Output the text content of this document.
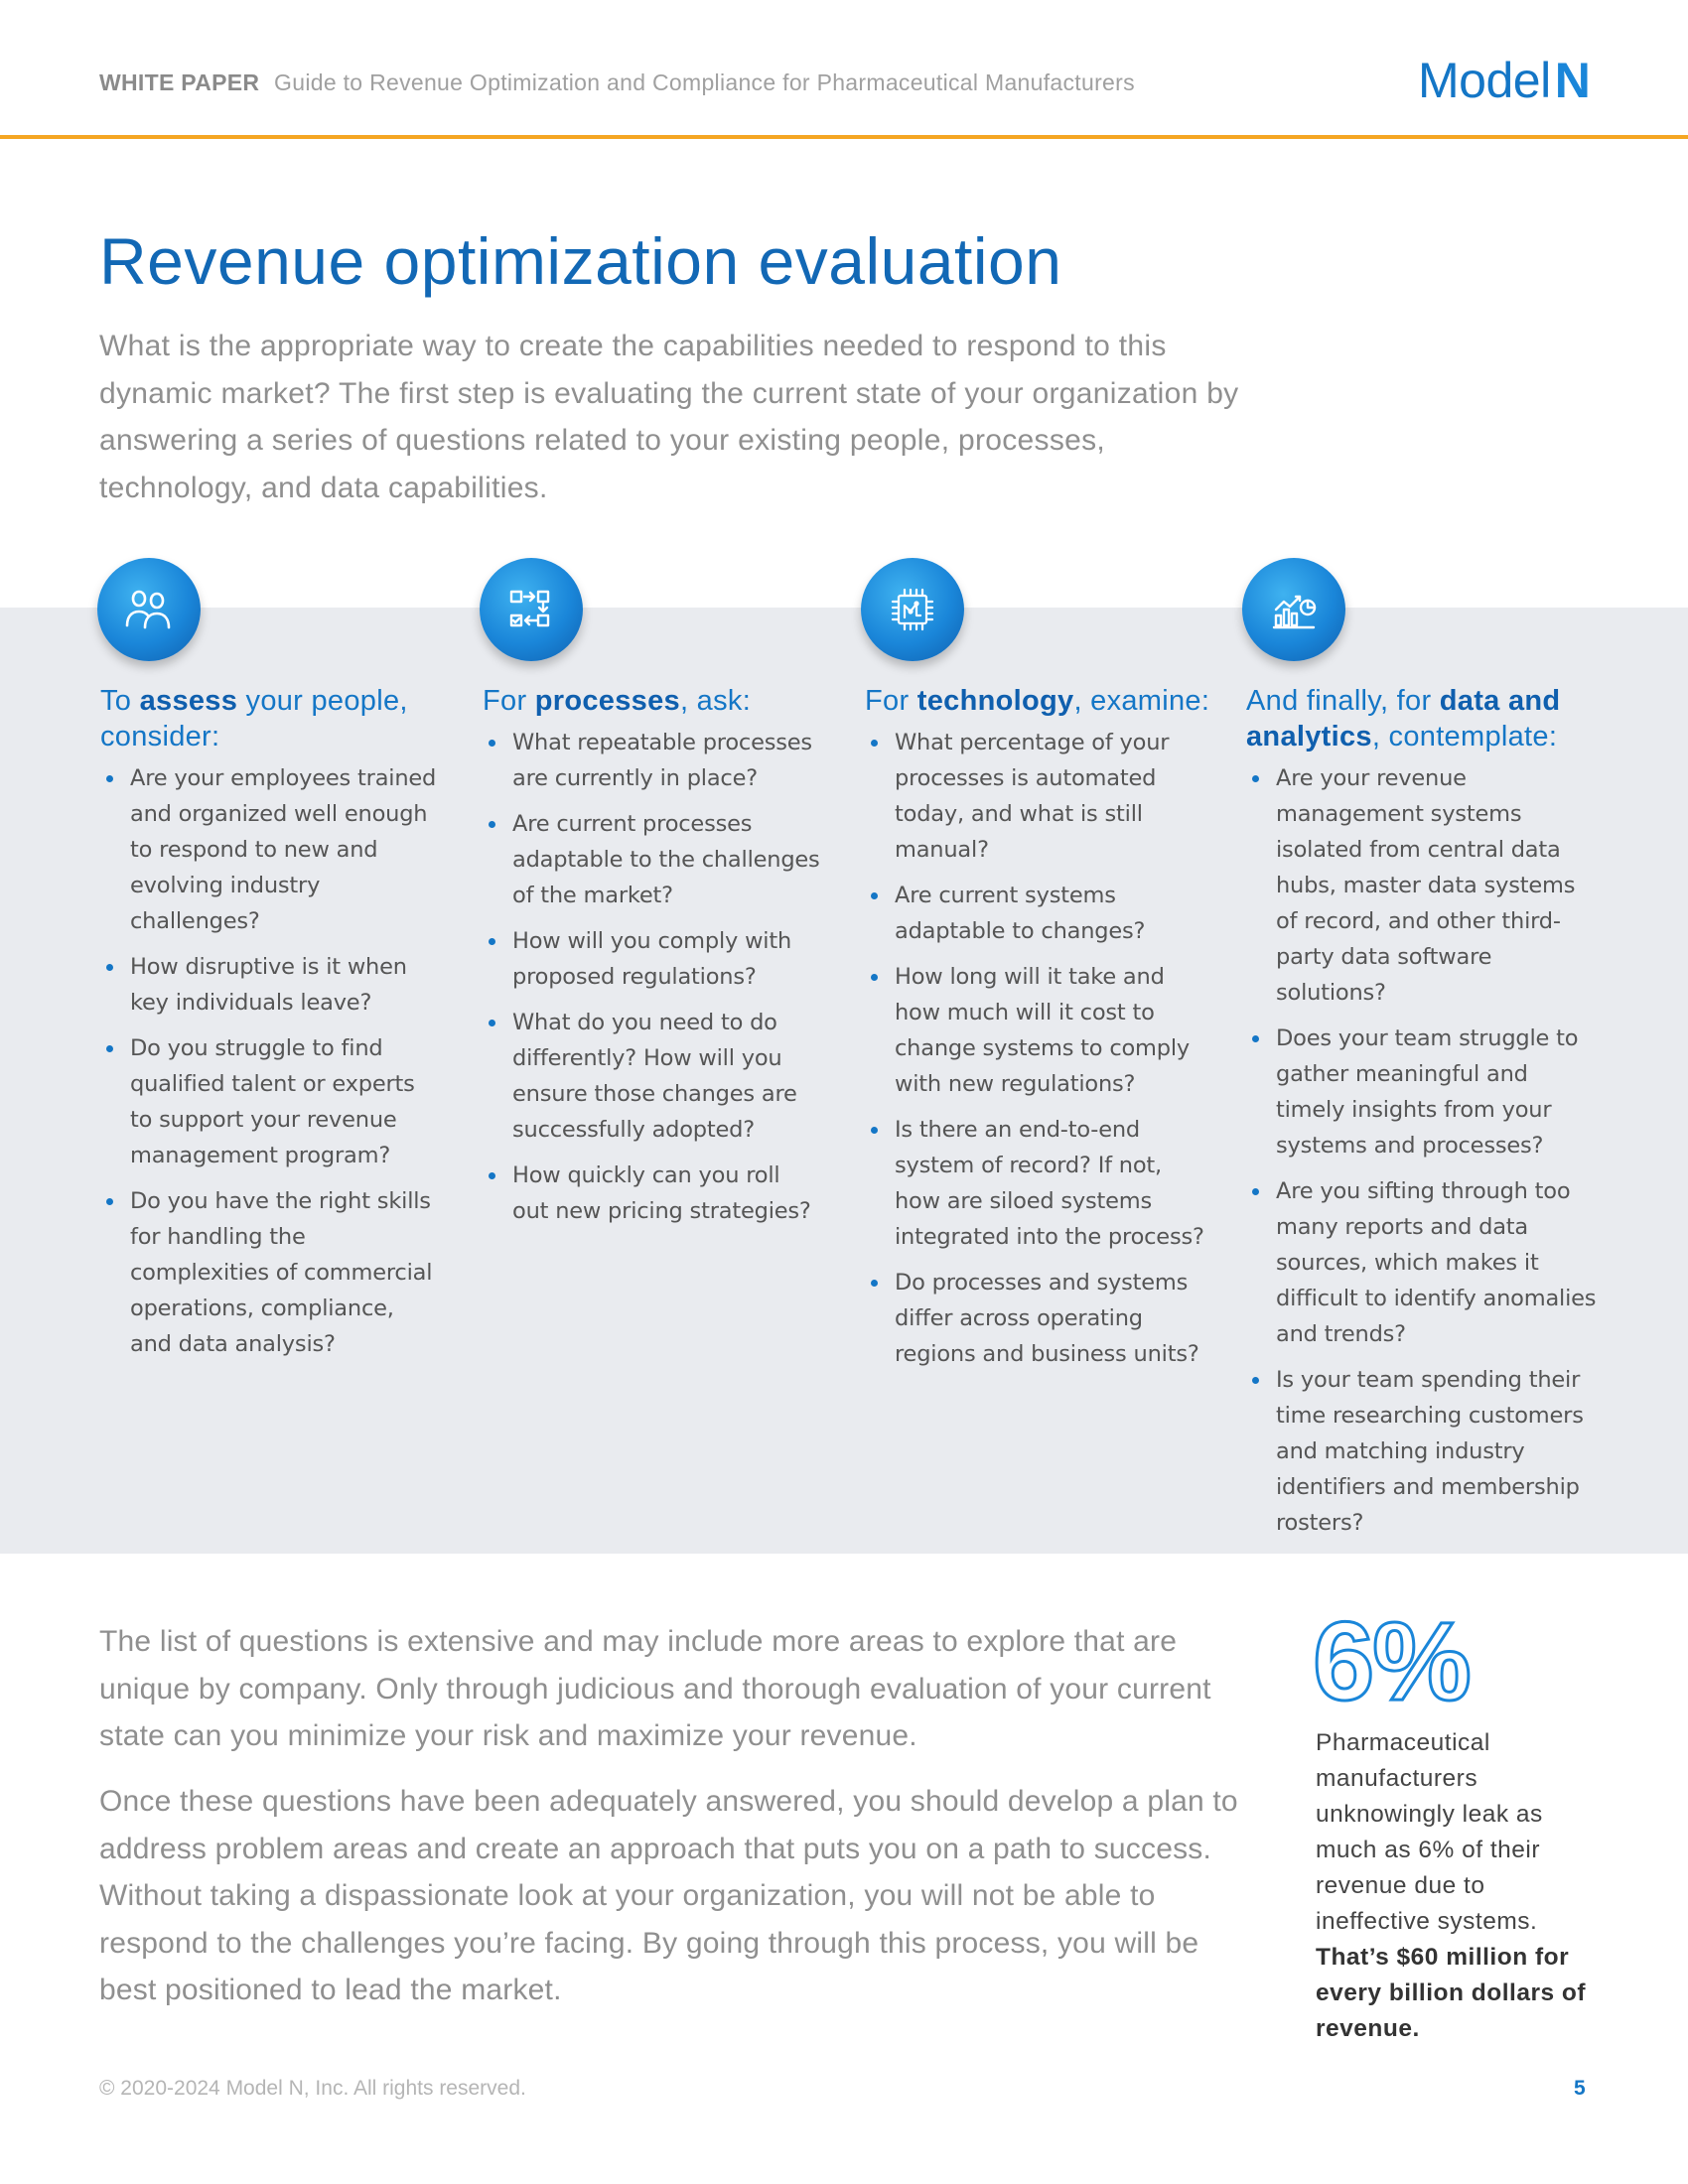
WHITE PAPER Guide to Revenue Optimization and Compliance for Pharmaceutical Manufacturers	ModelN
Revenue optimization evaluation

What is the appropriate way to create the capabilities needed to respond to this dynamic market? The first step is evaluating the current state of your organization by answering a series of questions related to your existing people, processes, technology, and data capabilities.

To assess your people, consider:

Are your employees trained and organized well enough to respond to new and evolving industry challenges?
How disruptive is it when key individuals leave?
Do you struggle to find qualified talent or experts to support your revenue management program?
Do you have the right skills for handling the complexities of commercial operations, compliance, and data analysis?

For processes, ask:

What repeatable processes are currently in place?
Are current processes adaptable to the challenges of the market?
How will you comply with proposed regulations?
What do you need to do differently? How will you ensure those changes are successfully adopted?
How quickly can you roll out new pricing strategies?

For technology, examine:

What percentage of your processes is automated today, and what is still manual?
Are current systems adaptable to changes?
How long will it take and how much will it cost to change systems to comply with new regulations?
Is there an end-to-end system of record? If not, how are siloed systems integrated into the process?
Do processes and systems differ across operating regions and business units?

And finally, for data and analytics, contemplate:

Are your revenue management systems isolated from central data hubs, master data systems of record, and other third-party data software solutions?
Does your team struggle to gather meaningful and timely insights from your systems and processes?
Are you sifting through too many reports and data sources, which makes it difficult to identify anomalies and trends?
Is your team spending their time researching customers and matching industry identifiers and membership rosters?

The list of questions is extensive and may include more areas to explore that are unique by company. Only through judicious and thorough evaluation of your current state can you minimize your risk and maximize your revenue.

Once these questions have been adequately answered, you should develop a plan to address problem areas and create an approach that puts you on a path to success. Without taking a dispassionate look at your organization, you will not be able to respond to the challenges you’re facing. By going through this process, you will be best positioned to lead the market.

6%

Pharmaceutical manufacturers unknowingly leak as much as 6% of their revenue due to ineffective systems. That’s $60 million for every billion dollars of revenue.

© 2020-2024 Model N, Inc. All rights reserved.	5
